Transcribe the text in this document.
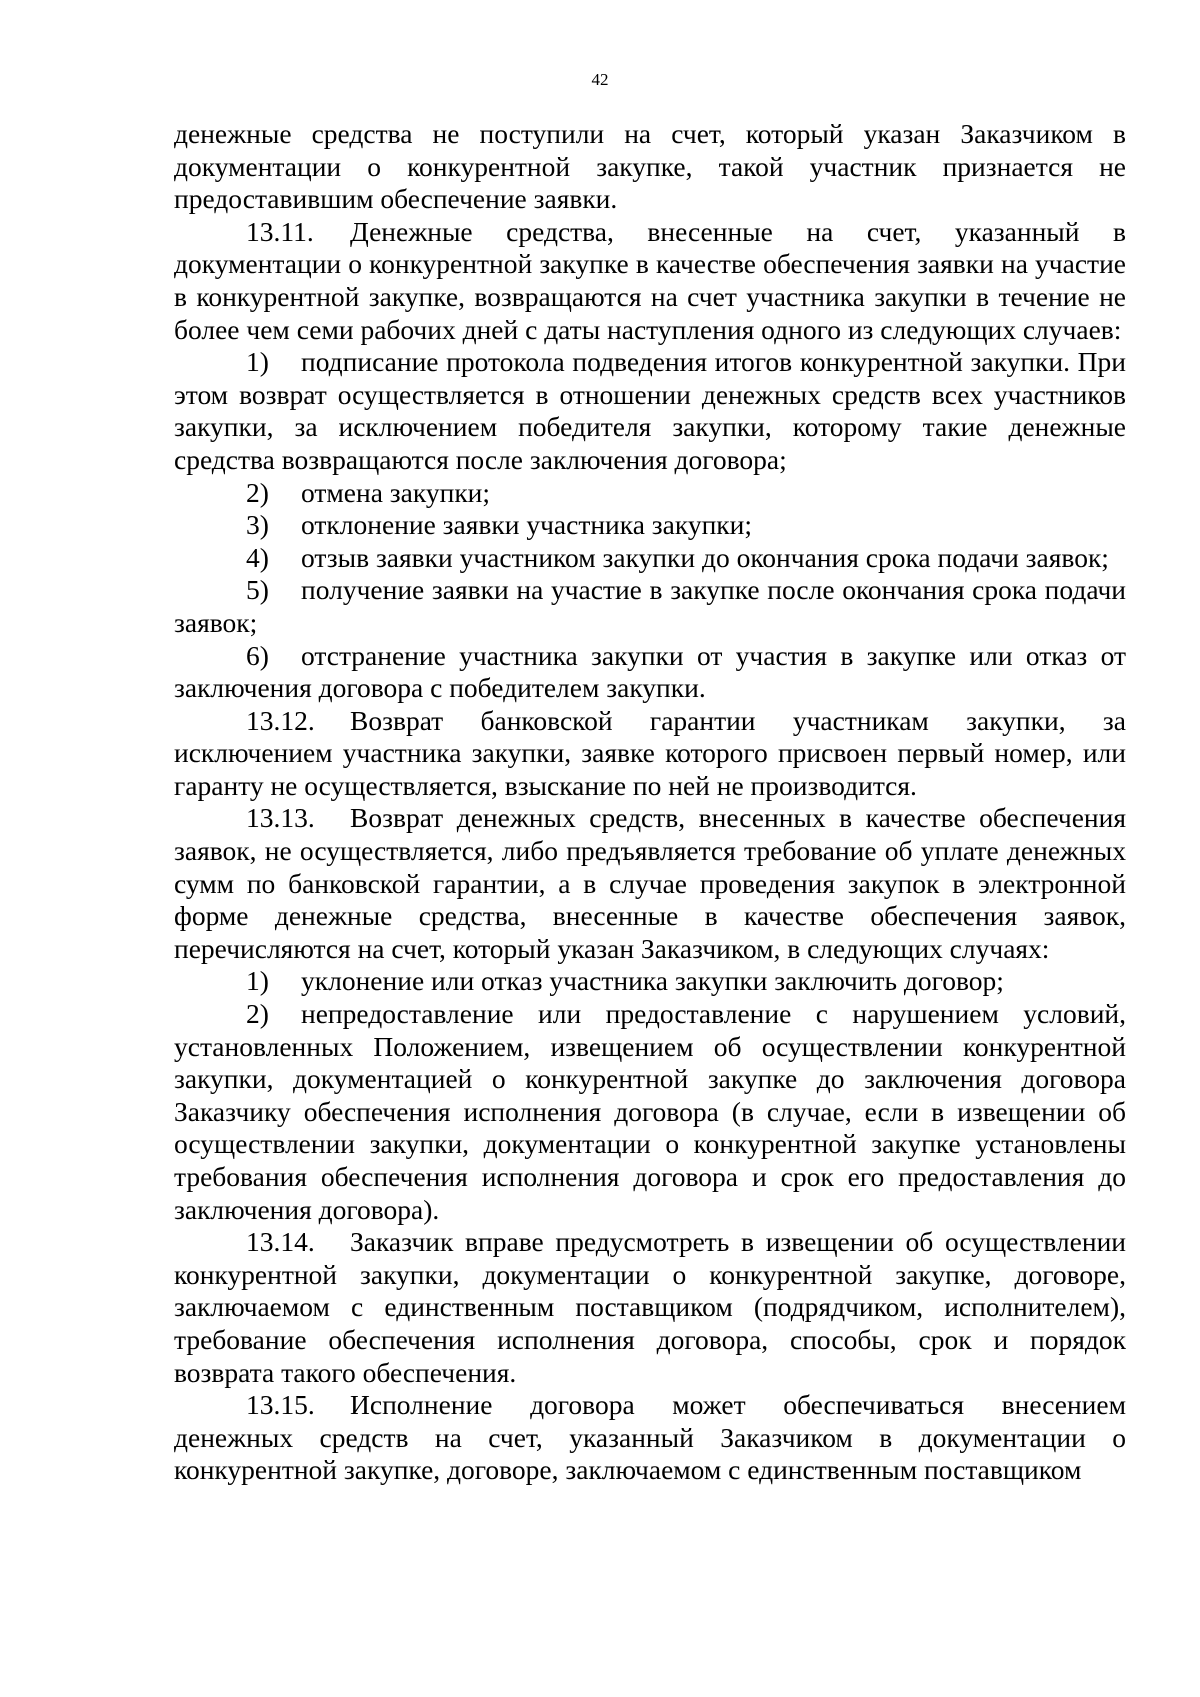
42

денежные средства не поступили на счет, который указан Заказчиком в документации о конкурентной закупке, такой участник признается не предоставившим обеспечение заявки.

13.11. Денежные средства, внесенные на счет, указанный в документации о конкурентной закупке в качестве обеспечения заявки на участие в конкурентной закупке, возвращаются на счет участника закупки в течение не более чем семи рабочих дней с даты наступления одного из следующих случаев:

1) подписание протокола подведения итогов конкурентной закупки. При этом возврат осуществляется в отношении денежных средств всех участников закупки, за исключением победителя закупки, которому такие денежные средства возвращаются после заключения договора;

2) отмена закупки;

3) отклонение заявки участника закупки;

4) отзыв заявки участником закупки до окончания срока подачи заявок;

5) получение заявки на участие в закупке после окончания срока подачи заявок;

6) отстранение участника закупки от участия в закупке или отказ от заключения договора с победителем закупки.

13.12. Возврат банковской гарантии участникам закупки, за исключением участника закупки, заявке которого присвоен первый номер, или гаранту не осуществляется, взыскание по ней не производится.

13.13. Возврат денежных средств, внесенных в качестве обеспечения заявок, не осуществляется, либо предъявляется требование об уплате денежных сумм по банковской гарантии, а в случае проведения закупок в электронной форме денежные средства, внесенные в качестве обеспечения заявок, перечисляются на счет, который указан Заказчиком, в следующих случаях:

1) уклонение или отказ участника закупки заключить договор;

2) непредоставление или предоставление с нарушением условий, установленных Положением, извещением об осуществлении конкурентной закупки, документацией о конкурентной закупке до заключения договора Заказчику обеспечения исполнения договора (в случае, если в извещении об осуществлении закупки, документации о конкурентной закупке установлены требования обеспечения исполнения договора и срок его предоставления до заключения договора).

13.14. Заказчик вправе предусмотреть в извещении об осуществлении конкурентной закупки, документации о конкурентной закупке, договоре, заключаемом с единственным поставщиком (подрядчиком, исполнителем), требование обеспечения исполнения договора, способы, срок и порядок возврата такого обеспечения.

13.15. Исполнение договора может обеспечиваться внесением денежных средств на счет, указанный Заказчиком в документации о конкурентной закупке, договоре, заключаемом с единственным поставщиком
